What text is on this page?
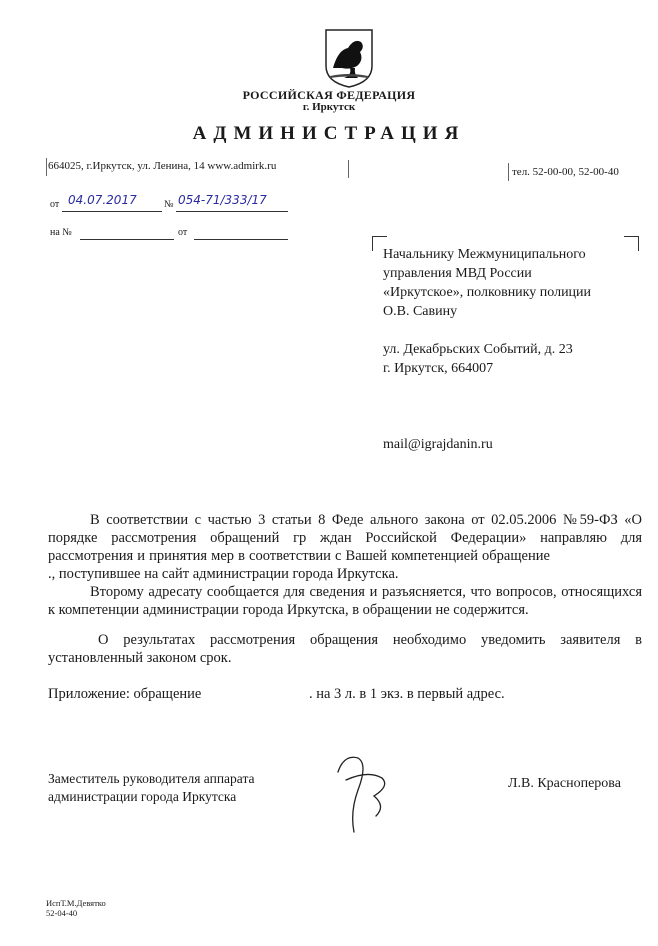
РОССИЙСКАЯ ФЕДЕРАЦИЯ
г. Иркутск
АДМИНИСТРАЦИЯ
664025, г.Иркутск, ул. Ленина, 14 www.admirk.ru	тел. 52-00-00, 52-00-40
от 04.07.2017	№ 054-71/333/17
на №	от
Начальнику Межмуниципального
управления МВД России
«Иркутское», полковнику полиции
О.В. Савину
ул. Декабрьских Событий, д. 23
г. Иркутск, 664007
mail@igrajdanin.ru

В соответствии с частью 3 статьи 8 Феде ального закона от 02.05.2006 №59-ФЗ «О порядке рассмотрения обращений гр ждан Российской Федерации» направляю для рассмотрения и принятия мер в соответствии с Вашей компетенцией обращение ., поступившее на сайт администрации города Иркутска.

Второму адресату сообщается для сведения и разъясняется, что вопросов, относящихся к компетенции администрации города Иркутска, в обращении не содержится.

О результатах рассмотрения обращения необходимо уведомить заявителя в установленный законом срок.

Приложение: обращение	. на 3 л. в 1 экз. в первый адрес.

Заместитель руководителя аппарата
администрации города Иркутска
Л.В. Красноперова
ИспТ.М.Девятко
52-04-40
